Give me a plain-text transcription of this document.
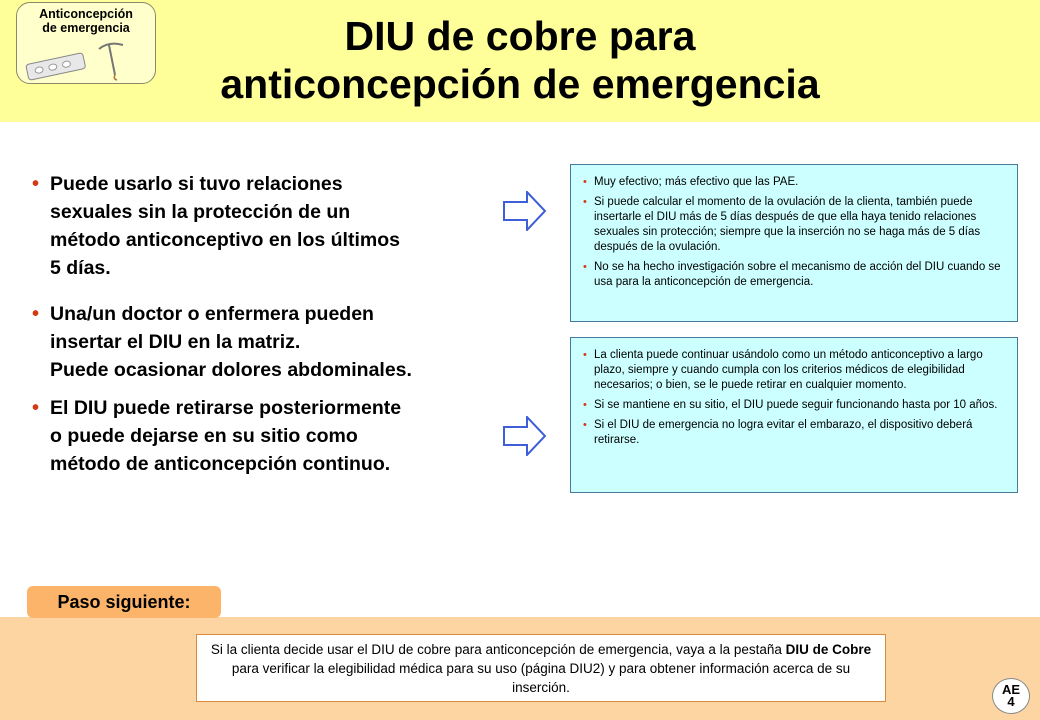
Anticoncepción
de emergencia	DIU de cobre para
anticoncepción de emergencia
• Puede usarlo si tuvo relaciones
sexuales sin la protección de un
método anticonceptivo en los últimos
5 días.
• Una/un doctor o enfermera pueden
insertar el DIU en la matriz.
Puede ocasionar dolores abdominales.
• El DIU puede retirarse posteriormente
o puede dejarse en su sitio como
método de anticoncepción continuo.
• Muy efectivo; más efectivo que las PAE.
• Si puede calcular el momento de la ovulación de la clienta, también puede insertarle el DIU más de 5 días después de que ella haya tenido relaciones sexuales sin protección; siempre que la inserción no se haga más de 5 días después de la ovulación.
• No se ha hecho investigación sobre el mecanismo de acción del DIU cuando se usa para la anticoncepción de emergencia.
• La clienta puede continuar usándolo como un método anticonceptivo a largo plazo, siempre y cuando cumpla con los criterios médicos de elegibilidad necesarios; o bien, se le puede retirar en cualquier momento.
• Si se mantiene en su sitio, el DIU puede seguir funcionando hasta por 10 años.
• Si el DIU de emergencia no logra evitar el embarazo, el dispositivo deberá retirarse.
Paso siguiente:
Si la clienta decide usar el DIU de cobre para anticoncepción de emergencia, vaya a la pestaña DIU de Cobre para verificar la elegibilidad médica para su uso (página DIU2) y para obtener información acerca de su inserción.	AE
4
